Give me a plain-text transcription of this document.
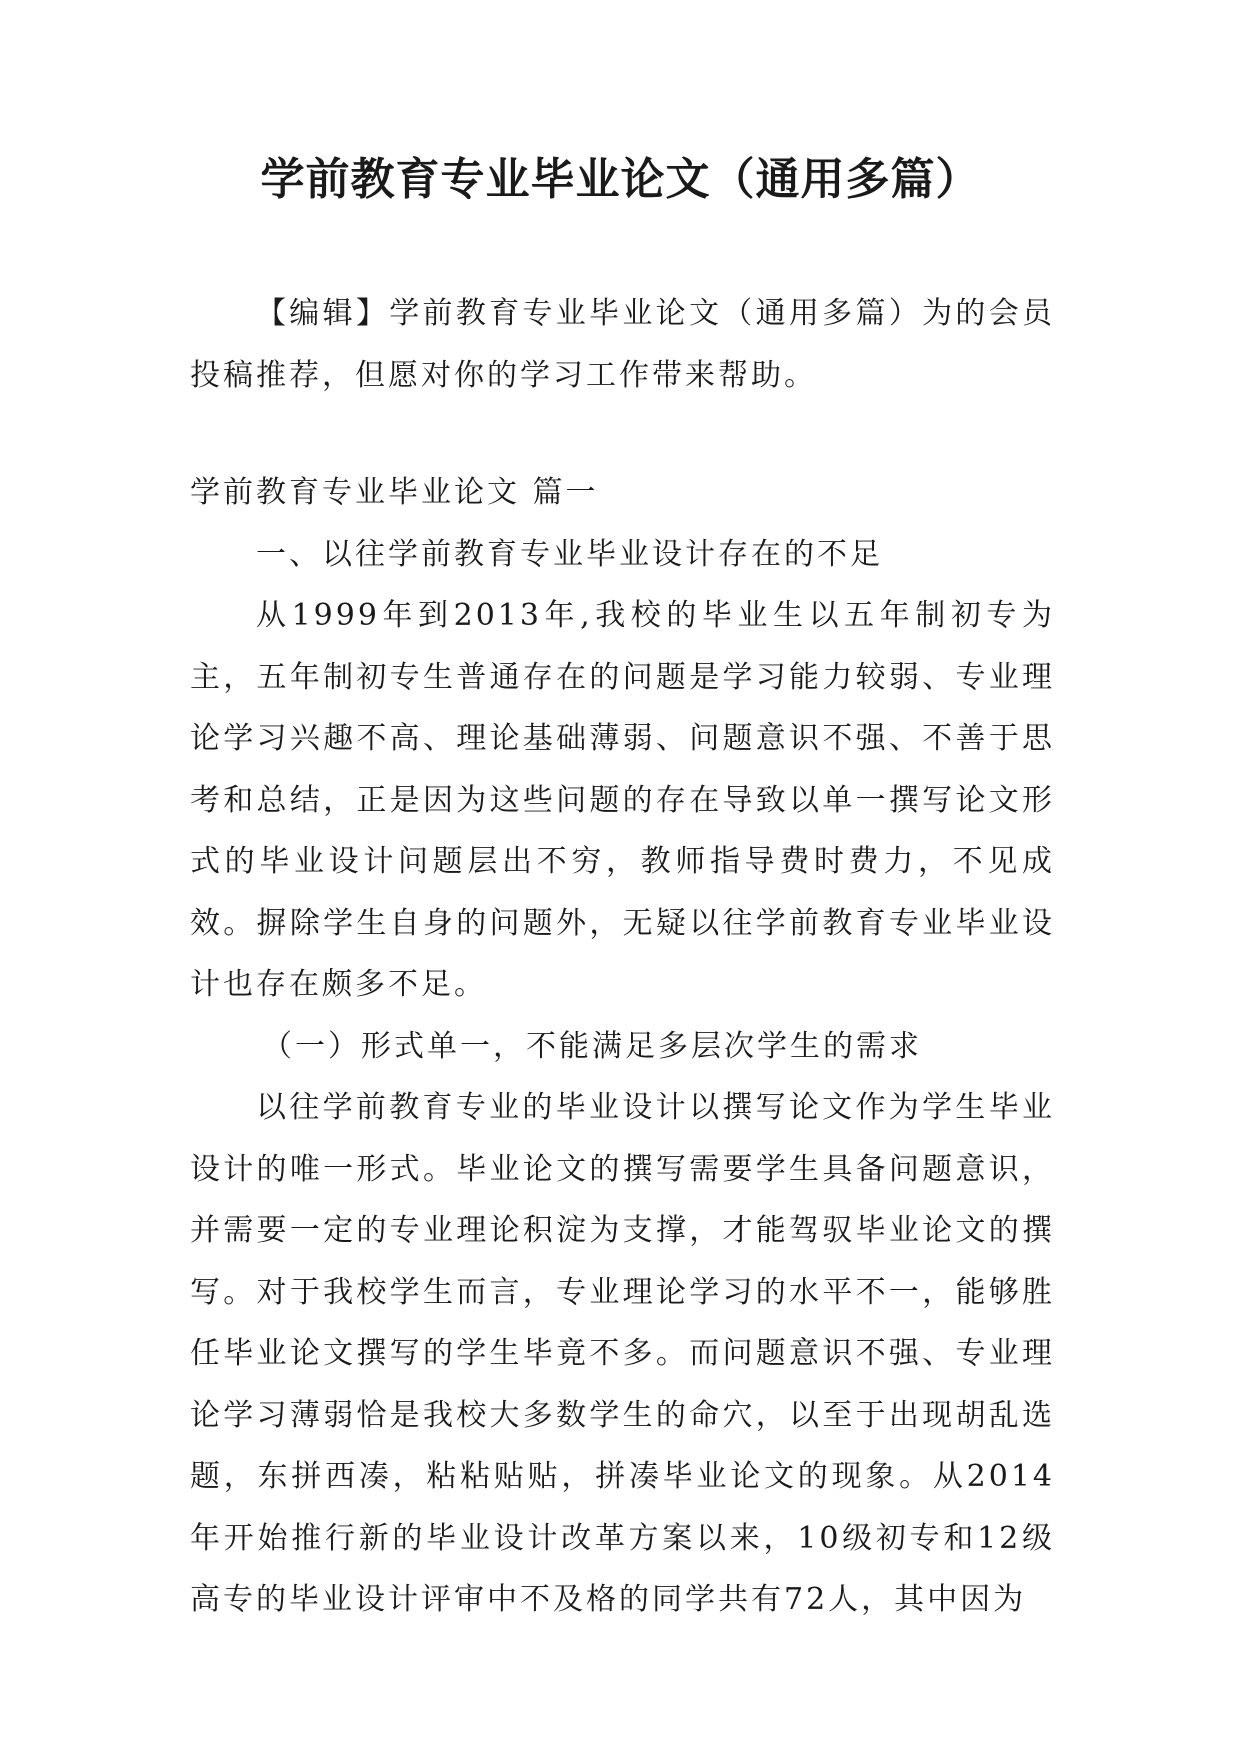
学前教育专业毕业论文（通用多篇）

【编辑】学前教育专业毕业论文（通用多篇）为的会员投稿推荐，但愿对你的学习工作带来帮助。

学前教育专业毕业论文 篇一

一、以往学前教育专业毕业设计存在的不足

从1999年到2013年,我校的毕业生以五年制初专为主，五年制初专生普通存在的问题是学习能力较弱、专业理论学习兴趣不高、理论基础薄弱、问题意识不强、不善于思考和总结，正是因为这些问题的存在导致以单一撰写论文形式的毕业设计问题层出不穷，教师指导费时费力，不见成效。摒除学生自身的问题外，无疑以往学前教育专业毕业设计也存在颇多不足。

（一）形式单一，不能满足多层次学生的需求

以往学前教育专业的毕业设计以撰写论文作为学生毕业设计的唯一形式。毕业论文的撰写需要学生具备问题意识，并需要一定的专业理论积淀为支撑，才能驾驭毕业论文的撰写。对于我校学生而言，专业理论学习的水平不一，能够胜任毕业论文撰写的学生毕竟不多。而问题意识不强、专业理论学习薄弱恰是我校大多数学生的命穴，以至于出现胡乱选题，东拼西凑，粘粘贴贴，拼凑毕业论文的现象。从2014年开始推行新的毕业设计改革方案以来，10级初专和12级高专的毕业设计评审中不及格的同学共有72人，其中因为
